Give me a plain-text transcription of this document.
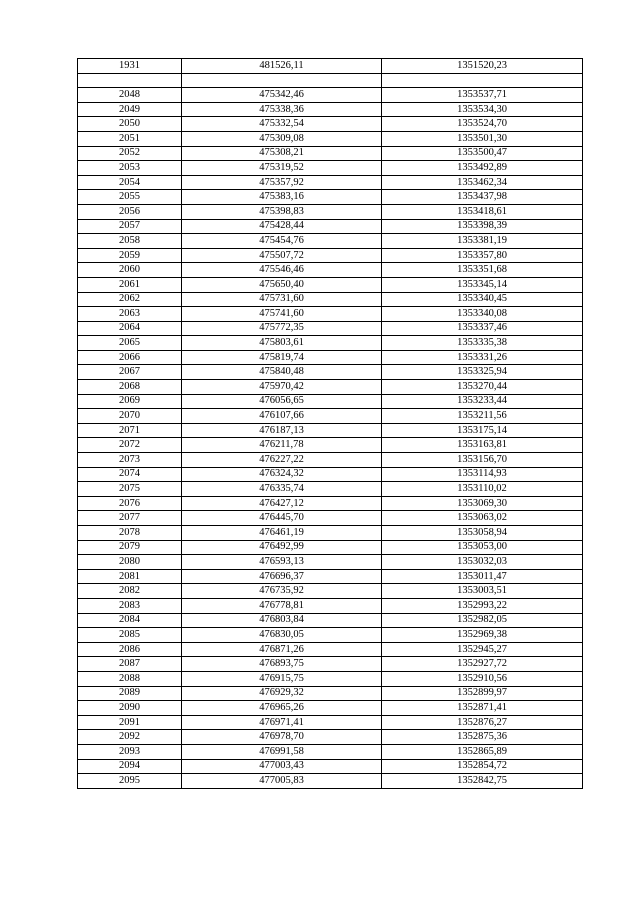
1931	481526,11	1351520,23

2048	475342,46	1353537,71
2049	475338,36	1353534,30
2050	475332,54	1353524,70
2051	475309,08	1353501,30
2052	475308,21	1353500,47
2053	475319,52	1353492,89
2054	475357,92	1353462,34
2055	475383,16	1353437,98
2056	475398,83	1353418,61
2057	475428,44	1353398,39
2058	475454,76	1353381,19
2059	475507,72	1353357,80
2060	475546,46	1353351,68
2061	475650,40	1353345,14
2062	475731,60	1353340,45
2063	475741,60	1353340,08
2064	475772,35	1353337,46
2065	475803,61	1353335,38
2066	475819,74	1353331,26
2067	475840,48	1353325,94
2068	475970,42	1353270,44
2069	476056,65	1353233,44
2070	476107,66	1353211,56
2071	476187,13	1353175,14
2072	476211,78	1353163,81
2073	476227,22	1353156,70
2074	476324,32	1353114,93
2075	476335,74	1353110,02
2076	476427,12	1353069,30
2077	476445,70	1353063,02
2078	476461,19	1353058,94
2079	476492,99	1353053,00
2080	476593,13	1353032,03
2081	476696,37	1353011,47
2082	476735,92	1353003,51
2083	476778,81	1352993,22
2084	476803,84	1352982,05
2085	476830,05	1352969,38
2086	476871,26	1352945,27
2087	476893,75	1352927,72
2088	476915,75	1352910,56
2089	476929,32	1352899,97
2090	476965,26	1352871,41
2091	476971,41	1352876,27
2092	476978,70	1352875,36
2093	476991,58	1352865,89
2094	477003,43	1352854,72
2095	477005,83	1352842,75
